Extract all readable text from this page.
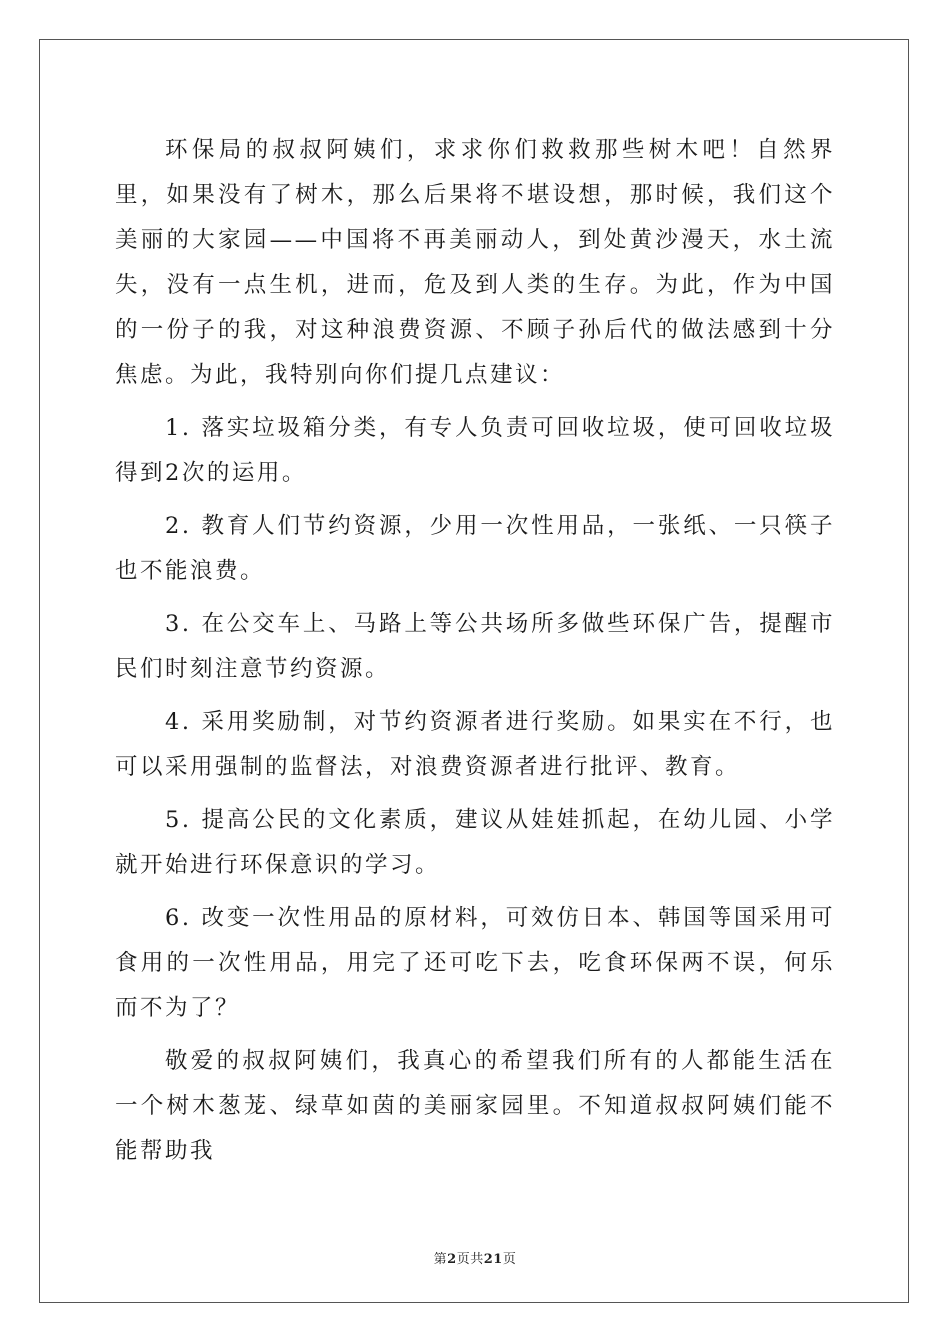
环保局的叔叔阿姨们，求求你们救救那些树木吧！自然界里，如果没有了树木，那么后果将不堪设想，那时候，我们这个美丽的大家园——中国将不再美丽动人，到处黄沙漫天，水土流失，没有一点生机，进而，危及到人类的生存。为此，作为中国的一份子的我，对这种浪费资源、不顾子孙后代的做法感到十分焦虑。为此，我特别向你们提几点建议：

1. 落实垃圾箱分类，有专人负责可回收垃圾，使可回收垃圾得到2次的运用。

2. 教育人们节约资源，少用一次性用品，一张纸、一只筷子也不能浪费。

3. 在公交车上、马路上等公共场所多做些环保广告，提醒市民们时刻注意节约资源。

4. 采用奖励制，对节约资源者进行奖励。如果实在不行，也可以采用强制的监督法，对浪费资源者进行批评、教育。

5. 提高公民的文化素质，建议从娃娃抓起，在幼儿园、小学就开始进行环保意识的学习。

6. 改变一次性用品的原材料，可效仿日本、韩国等国采用可食用的一次性用品，用完了还可吃下去，吃食环保两不误，何乐而不为了？

敬爱的叔叔阿姨们，我真心的希望我们所有的人都能生活在一个树木葱茏、绿草如茵的美丽家园里。不知道叔叔阿姨们能不能帮助我

第2页共21页
